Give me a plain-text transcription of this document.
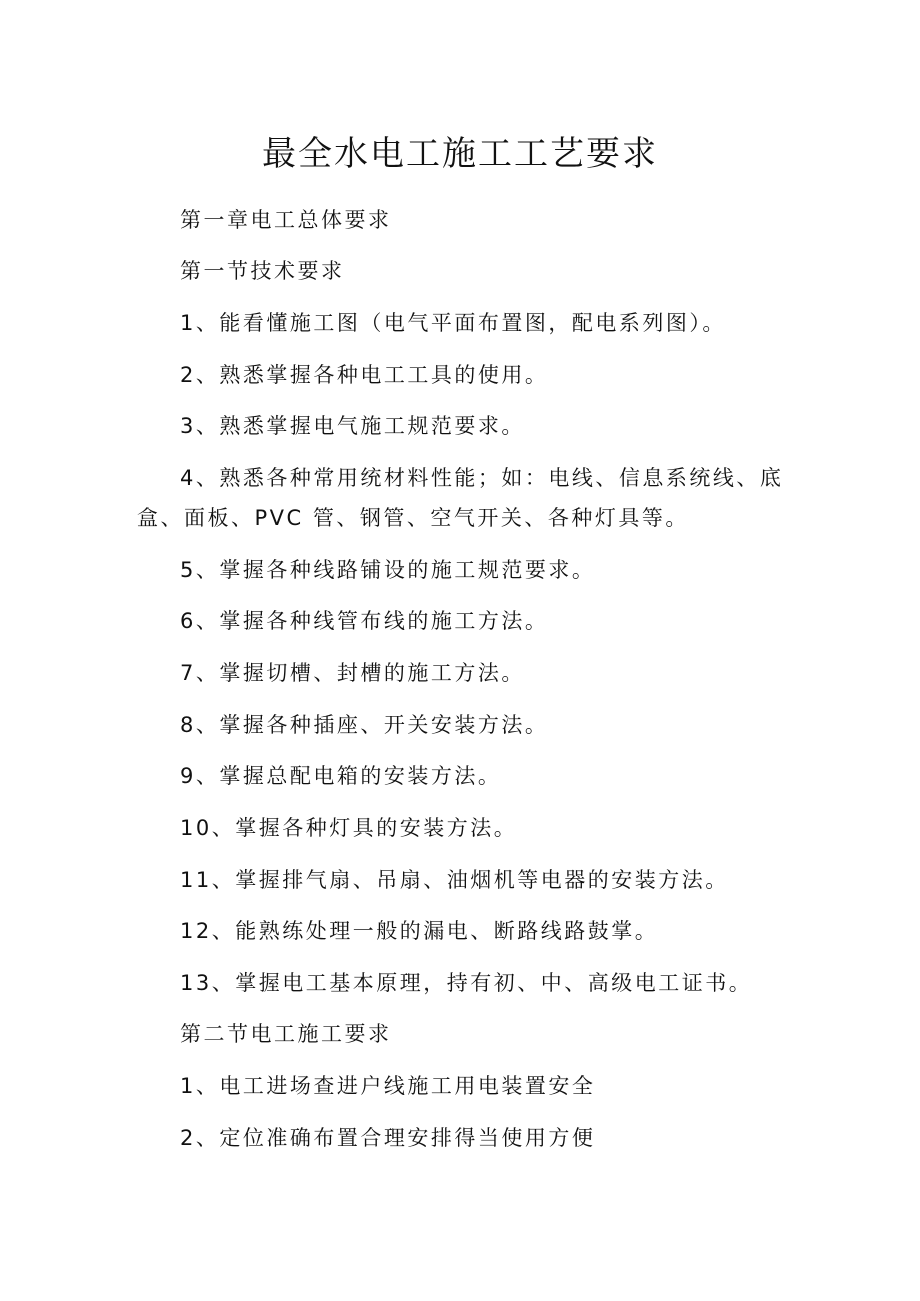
最全水电工施工工艺要求

第一章电工总体要求

第一节技术要求

1、能看懂施工图（电气平面布置图，配电系列图）。

2、熟悉掌握各种电工工具的使用。

3、熟悉掌握电气施工规范要求。

4、熟悉各种常用统材料性能；如：电线、信息系统线、底

盒、面板、PVC 管、钢管、空气开关、各种灯具等。

5、掌握各种线路铺设的施工规范要求。

6、掌握各种线管布线的施工方法。

7、掌握切槽、封槽的施工方法。

8、掌握各种插座、开关安装方法。

9、掌握总配电箱的安装方法。

10、掌握各种灯具的安装方法。

11、掌握排气扇、吊扇、油烟机等电器的安装方法。

12、能熟练处理一般的漏电、断路线路鼓掌。

13、掌握电工基本原理，持有初、中、高级电工证书。

第二节电工施工要求

1、电工进场查进户线施工用电装置安全

2、定位准确布置合理安排得当使用方便
